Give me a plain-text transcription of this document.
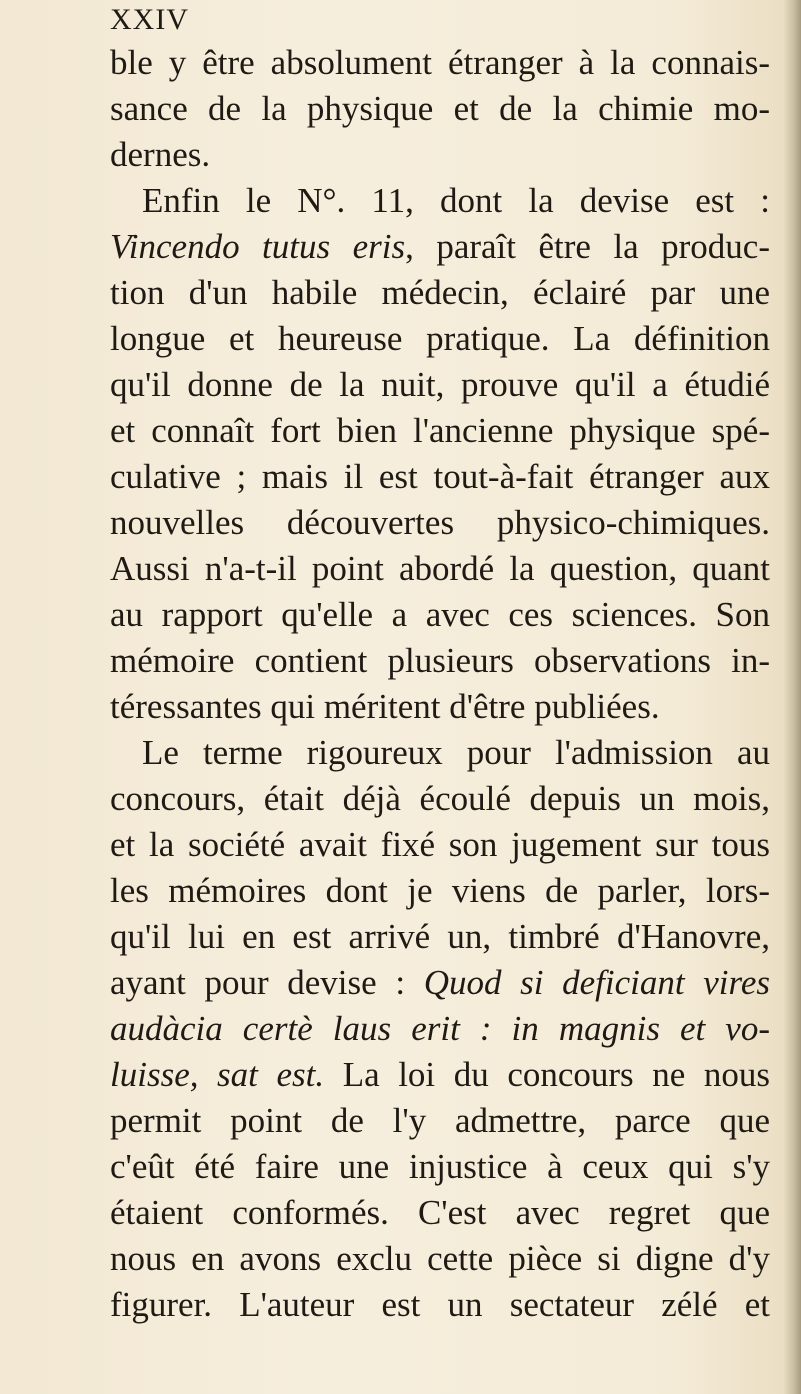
XXIV
ble y être absolument étranger à la connais-
sance de la physique et de la chimie mo-
dernes.
Enfin le N°. 11, dont la devise est :
Vincendo tutus eris, paraît être la produc-
tion d'un habile médecin, éclairé par une
longue et heureuse pratique. La définition
qu'il donne de la nuit, prouve qu'il a étudié
et connaît fort bien l'ancienne physique spé-
culative ; mais il est tout-à-fait étranger aux
nouvelles découvertes physico-chimiques.
Aussi n'a-t-il point abordé la question, quant
au rapport qu'elle a avec ces sciences. Son
mémoire contient plusieurs observations in-
téressantes qui méritent d'être publiées.
Le terme rigoureux pour l'admission au
concours, était déjà écoulé depuis un mois,
et la société avait fixé son jugement sur tous
les mémoires dont je viens de parler, lors-
qu'il lui en est arrivé un, timbré d'Hanovre,
ayant pour devise : Quod si deficiant vires
audàcia certè laus erit : in magnis et vo-
luisse, sat est. La loi du concours ne nous
permit point de l'y admettre, parce que
c'eût été faire une injustice à ceux qui s'y
étaient conformés. C'est avec regret que
nous en avons exclu cette pièce si digne d'y
figurer. L'auteur est un sectateur zélé et
